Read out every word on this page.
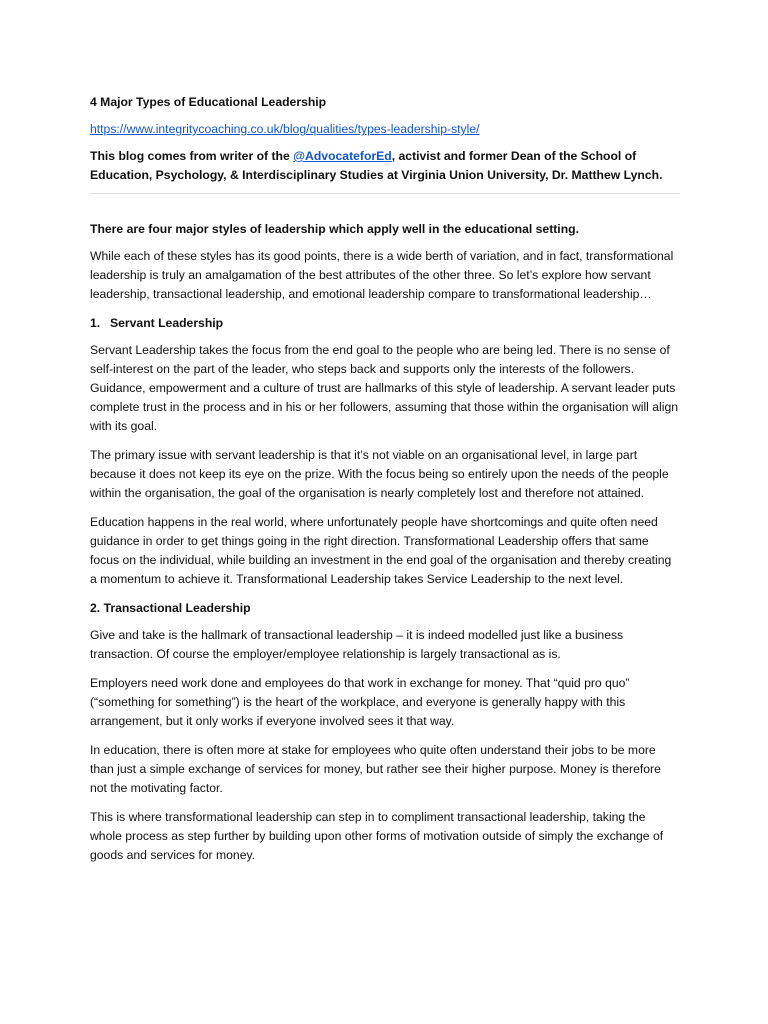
4 Major Types of Educational Leadership
https://www.integritycoaching.co.uk/blog/qualities/types-leadership-style/

This blog comes from writer of the @AdvocateforEd, activist and former Dean of the School of Education, Psychology, & Interdisciplinary Studies at Virginia Union University, Dr. Matthew Lynch.

There are four major styles of leadership which apply well in the educational setting.

While each of these styles has its good points, there is a wide berth of variation, and in fact, transformational leadership is truly an amalgamation of the best attributes of the other three. So let’s explore how servant leadership, transactional leadership, and emotional leadership compare to transformational leadership…

1. Servant Leadership

Servant Leadership takes the focus from the end goal to the people who are being led. There is no sense of self-interest on the part of the leader, who steps back and supports only the interests of the followers. Guidance, empowerment and a culture of trust are hallmarks of this style of leadership. A servant leader puts complete trust in the process and in his or her followers, assuming that those within the organisation will align with its goal.

The primary issue with servant leadership is that it’s not viable on an organisational level, in large part because it does not keep its eye on the prize. With the focus being so entirely upon the needs of the people within the organisation, the goal of the organisation is nearly completely lost and therefore not attained.

Education happens in the real world, where unfortunately people have shortcomings and quite often need guidance in order to get things going in the right direction. Transformational Leadership offers that same focus on the individual, while building an investment in the end goal of the organisation and thereby creating a momentum to achieve it. Transformational Leadership takes Service Leadership to the next level.

2. Transactional Leadership

Give and take is the hallmark of transactional leadership – it is indeed modelled just like a business transaction. Of course the employer/employee relationship is largely transactional as is.

Employers need work done and employees do that work in exchange for money. That “quid pro quo” (“something for something”) is the heart of the workplace, and everyone is generally happy with this arrangement, but it only works if everyone involved sees it that way.

In education, there is often more at stake for employees who quite often understand their jobs to be more than just a simple exchange of services for money, but rather see their higher purpose. Money is therefore not the motivating factor.

This is where transformational leadership can step in to compliment transactional leadership, taking the whole process as step further by building upon other forms of motivation outside of simply the exchange of goods and services for money.
